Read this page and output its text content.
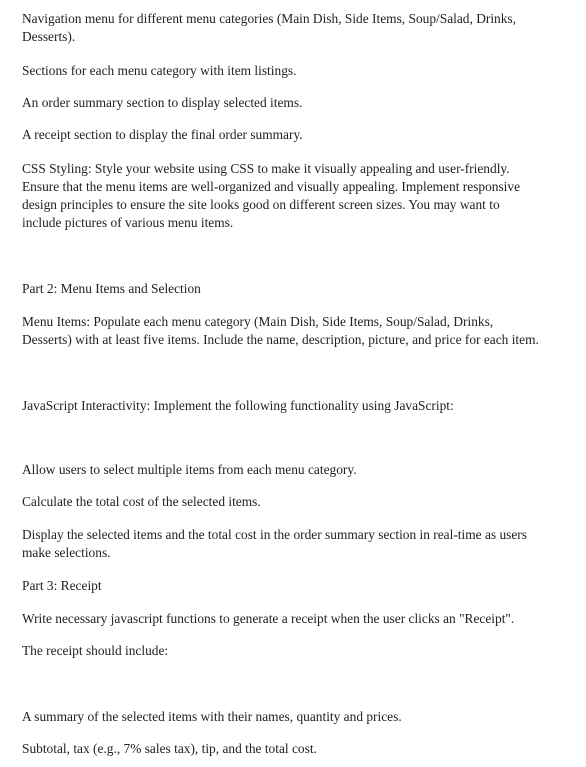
Navigation menu for different menu categories (Main Dish, Side Items, Soup/Salad, Drinks,
Desserts).

Sections for each menu category with item listings.

An order summary section to display selected items.

A receipt section to display the final order summary.

CSS Styling: Style your website using CSS to make it visually appealing and user-friendly.
Ensure that the menu items are well-organized and visually appealing. Implement responsive
design principles to ensure the site looks good on different screen sizes. You may want to
include pictures of various menu items.

Part 2: Menu Items and Selection

Menu Items: Populate each menu category (Main Dish, Side Items, Soup/Salad, Drinks,
Desserts) with at least five items. Include the name, description, picture, and price for each item.

JavaScript Interactivity: Implement the following functionality using JavaScript:

Allow users to select multiple items from each menu category.

Calculate the total cost of the selected items.

Display the selected items and the total cost in the order summary section in real-time as users
make selections.

Part 3: Receipt

Write necessary javascript functions to generate a receipt when the user clicks an "Receipt".

The receipt should include:

A summary of the selected items with their names, quantity and prices.

Subtotal, tax (e.g., 7% sales tax), tip, and the total cost.
